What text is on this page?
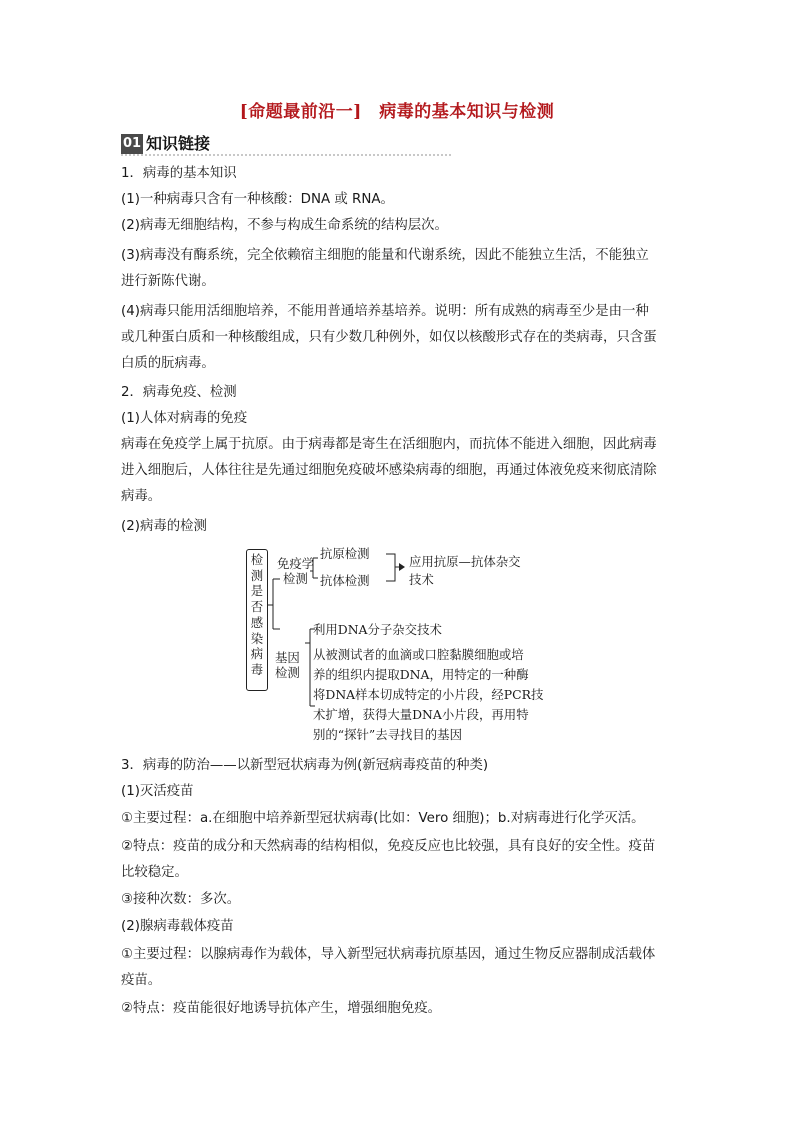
[命题最前沿一]　病毒的基本知识与检测
01 知识链接
1．病毒的基本知识
(1)一种病毒只含有一种核酸：DNA 或 RNA。
(2)病毒无细胞结构，不参与构成生命系统的结构层次。
(3)病毒没有酶系统，完全依赖宿主细胞的能量和代谢系统，因此不能独立生活，不能独立
进行新陈代谢。
(4)病毒只能用活细胞培养，不能用普通培养基培养。说明：所有成熟的病毒至少是由一种
或几种蛋白质和一种核酸组成，只有少数几种例外，如仅以核酸形式存在的类病毒，只含蛋
白质的朊病毒。
2．病毒免疫、检测
(1)人体对病毒的免疫
病毒在免疫学上属于抗原。由于病毒都是寄生在活细胞内，而抗体不能进入细胞，因此病毒
进入细胞后，人体往往是先通过细胞免疫破坏感染病毒的细胞，再通过体液免疫来彻底清除
病毒。
(2)病毒的检测
检测是否感染病毒
免疫学
检测
抗原检测
抗体检测
应用抗原—抗体杂交
技术
基因
检测
利用DNA分子杂交技术
从被测试者的血滴或口腔黏膜细胞或培
养的组织内提取DNA，用特定的一种酶
将DNA样本切成特定的小片段，经PCR技
术扩增，获得大量DNA小片段，再用特
别的“探针”去寻找目的基因
3．病毒的防治——以新型冠状病毒为例(新冠病毒疫苗的种类)
(1)灭活疫苗
①主要过程：a.在细胞中培养新型冠状病毒(比如：Vero 细胞)；b.对病毒进行化学灭活。
②特点：疫苗的成分和天然病毒的结构相似，免疫反应也比较强，具有良好的安全性。疫苗
比较稳定。
③接种次数：多次。
(2)腺病毒载体疫苗
①主要过程：以腺病毒作为载体，导入新型冠状病毒抗原基因，通过生物反应器制成活载体
疫苗。
②特点：疫苗能很好地诱导抗体产生，增强细胞免疫。
